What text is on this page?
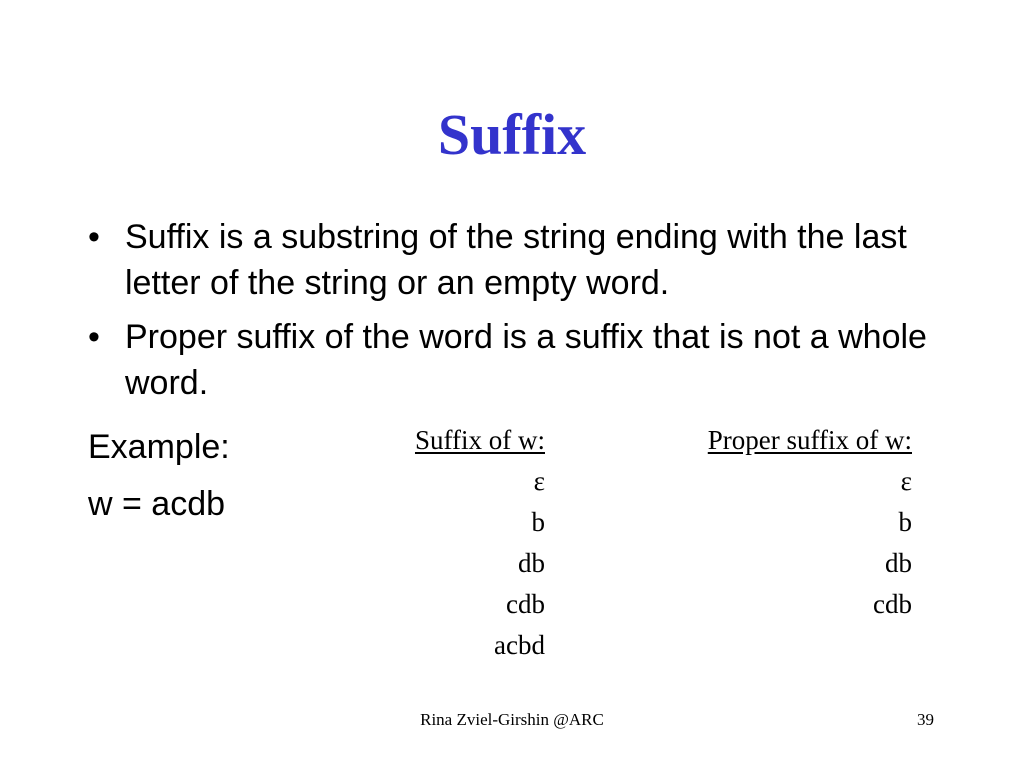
Suffix
• Suffix is a substring of the string ending with the last letter of the string or an empty word.
• Proper suffix of the word is a suffix that is not a whole word.
Example:
w = acdb
Suffix of w:
ε
b
db
cdb
acbd
Proper suffix of w:
ε
b
db
cdb
Rina Zviel-Girshin @ARC	39
